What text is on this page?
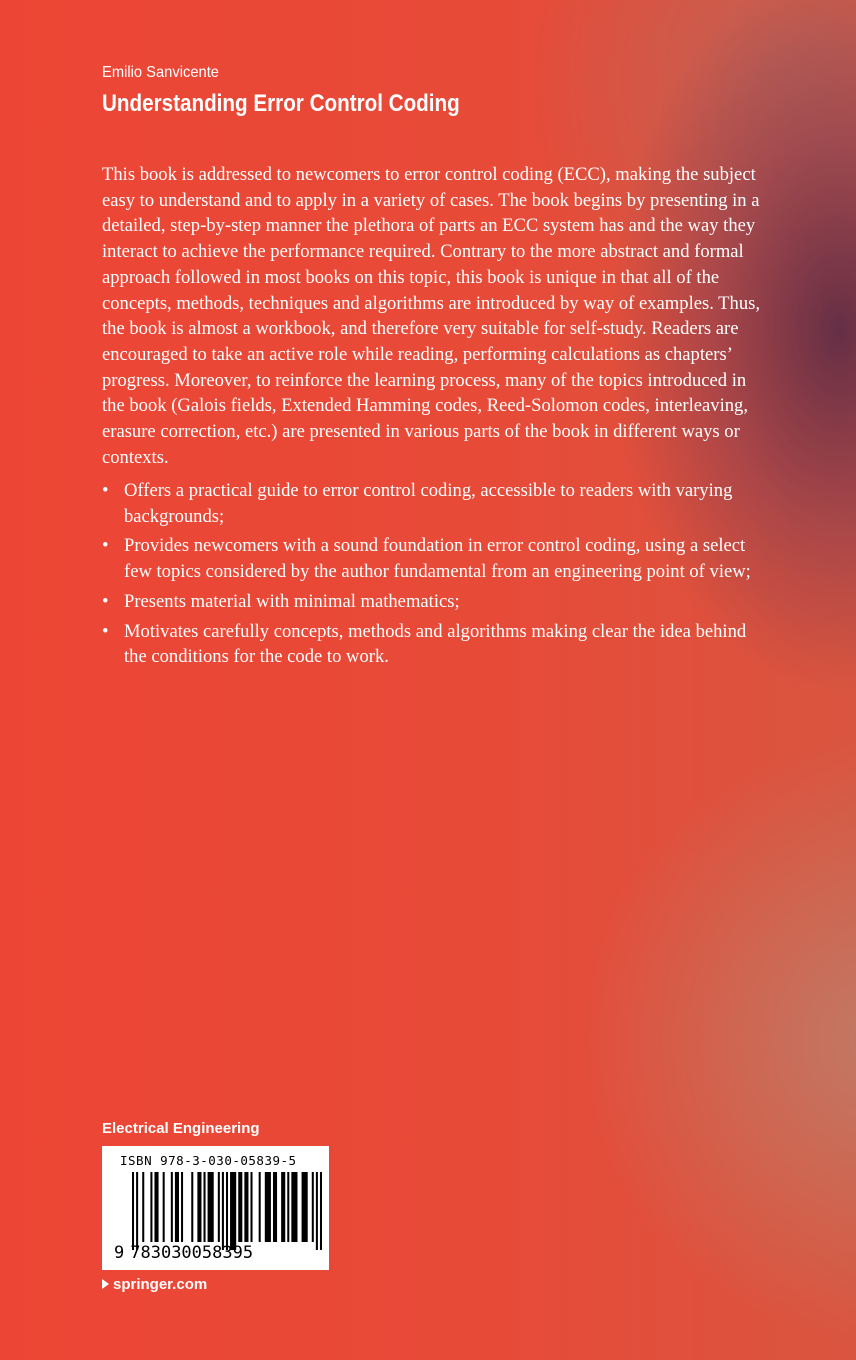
Emilio Sanvicente
Understanding Error Control Coding

This book is addressed to newcomers to error control coding (ECC), making the subject easy to understand and to apply in a variety of cases. The book begins by presenting in a detailed, step-by-step manner the plethora of parts an ECC system has and the way they interact to achieve the performance required. Contrary to the more abstract and formal approach followed in most books on this topic, this book is unique in that all of the concepts, methods, techniques and algorithms are introduced by way of examples. Thus, the book is almost a workbook, and therefore very suitable for self-study. Readers are encouraged to take an active role while reading, performing calculations as chapters’ progress. Moreover, to reinforce the learning process, many of the topics introduced in the book (Galois fields, Extended Hamming codes, Reed-Solomon codes, interleaving, erasure correction, etc.) are presented in various parts of the book in different ways or contexts.

• Offers a practical guide to error control coding, accessible to readers with varying backgrounds;
• Provides newcomers with a sound foundation in error control coding, using a select few topics considered by the author fundamental from an engineering point of view;
• Presents material with minimal mathematics;
• Motivates carefully concepts, methods and algorithms making clear the idea behind the conditions for the code to work.
Electrical Engineering
ISBN 978-3-030-05839-5
9 783030058395
springer.com
